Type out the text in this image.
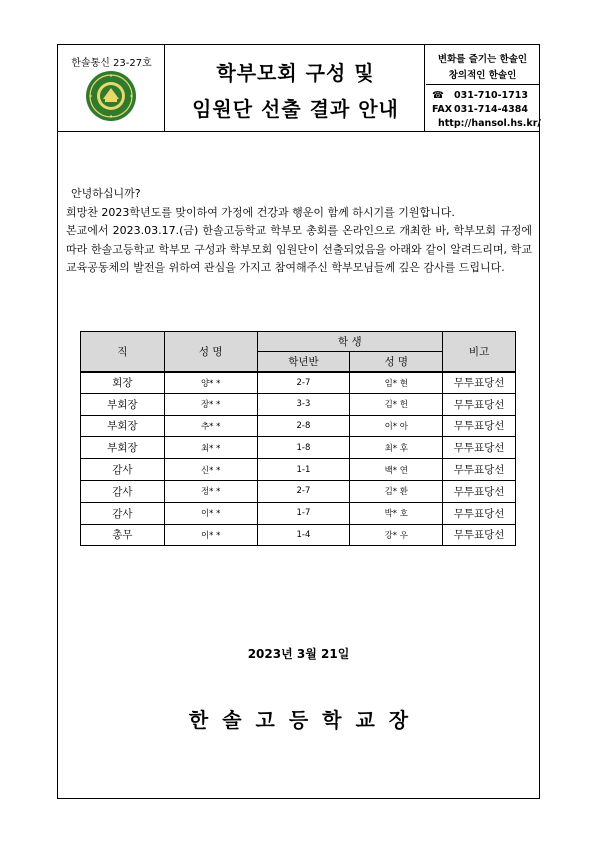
한솔통신 23-27호	학부모회 구성 및
임원단 선출 결과 안내
변화를 즐기는 한솔인
창의적인 한솔인
☎ 031-710-1713
FAX 031-714-4384
http://hansol.hs.kr/
안녕하십니까?
희망찬 2023학년도를 맞이하여 가정에 건강과 행운이 함께 하시기를 기원합니다.
본교에서 2023.03.17.(금) 한솔고등학교 학부모 총회를 온라인으로 개최한 바, 학부모회 규정에 따라 한솔고등학교 학부모 구성과 학부모회 임원단이 선출되었음을 아래와 같이 알려드리며, 학교교육공동체의 발전을 위하여 관심을 가지고 참여해주신 학부모님들께 깊은 감사를 드립니다.
직	성 명	학 생		비고
		학년반	성 명	
회장	양* *	2-7	임* 현	무투표당선
부회장	장* *	3-3	김* 헌	무투표당선
부회장	추* *	2-8	이* 아	무투표당선
부회장	최* *	1-8	최* 후	무투표당선
감사	신* *	1-1	백* 연	무투표당선
감사	정* *	2-7	김* 환	무투표당선
감사	이* *	1-7	박* 호	무투표당선
총무	이* *	1-4	강* 우	무투표당선
2023년 3월 21일
한솔고등학교장
